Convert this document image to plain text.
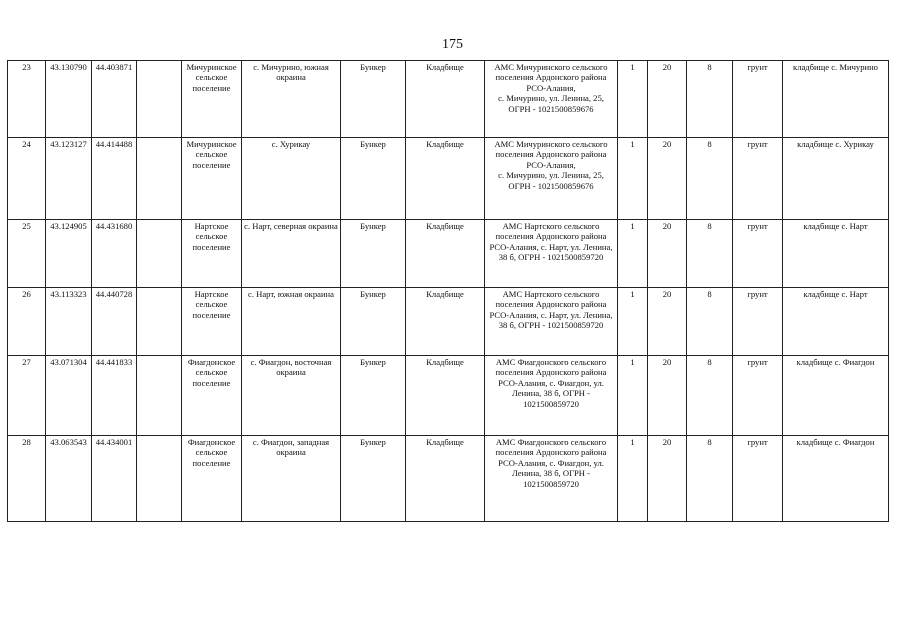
175
23	43.130790	44.403871		Мичуринское сельское поселение	с. Мичурино, южная окраина	Бункер	Кладбище	АМС Мичуринского сельского поселения Ардонского района РСО-Алания,
с. Мичурино, ул. Ленина, 25,
ОГРН - 1021500859676	1	20	8	грунт	кладбище с. Мичурино
24	43.123127	44.414488		Мичуринское сельское поселение	с. Хурикау	Бункер	Кладбище	АМС Мичуринского сельского поселения Ардонского района РСО-Алания,
с. Мичурино, ул. Ленина, 25,
ОГРН - 1021500859676	1	20	8	грунт	кладбище с. Хурикау
25	43.124905	44.431680		Нартское сельское поселение	с. Нарт, северная окраина	Бункер	Кладбище	АМС Нартского сельского поселения Ардонского района РСО-Алания, с. Нарт, ул. Ленина, 38 б, ОГРН - 1021500859720	1	20	8	грунт	кладбище с. Нарт
26	43.113323	44.440728		Нартское сельское поселение	с. Нарт, южная окраина	Бункер	Кладбище	АМС Нартского сельского поселения Ардонского района РСО-Алания, с. Нарт, ул. Ленина, 38 б, ОГРН - 1021500859720	1	20	8	грунт	кладбище с. Нарт
27	43.071304	44.441833		Фиагдонское сельское поселение	с. Фиагдон, восточная окраина	Бункер	Кладбище	АМС Фиагдонского сельского поселения Ардонского района РСО-Алания, с. Фиагдон, ул. Ленина, 38 б, ОГРН - 1021500859720	1	20	8	грунт	кладбище с. Фиагдон
28	43.063543	44.434001		Фиагдонское сельское поселение	с. Фиагдон, западная окраина	Бункер	Кладбище	АМС Фиагдонского сельского поселения Ардонского района РСО-Алания, с. Фиагдон, ул. Ленина, 38 б, ОГРН - 1021500859720	1	20	8	грунт	кладбище с. Фиагдон
